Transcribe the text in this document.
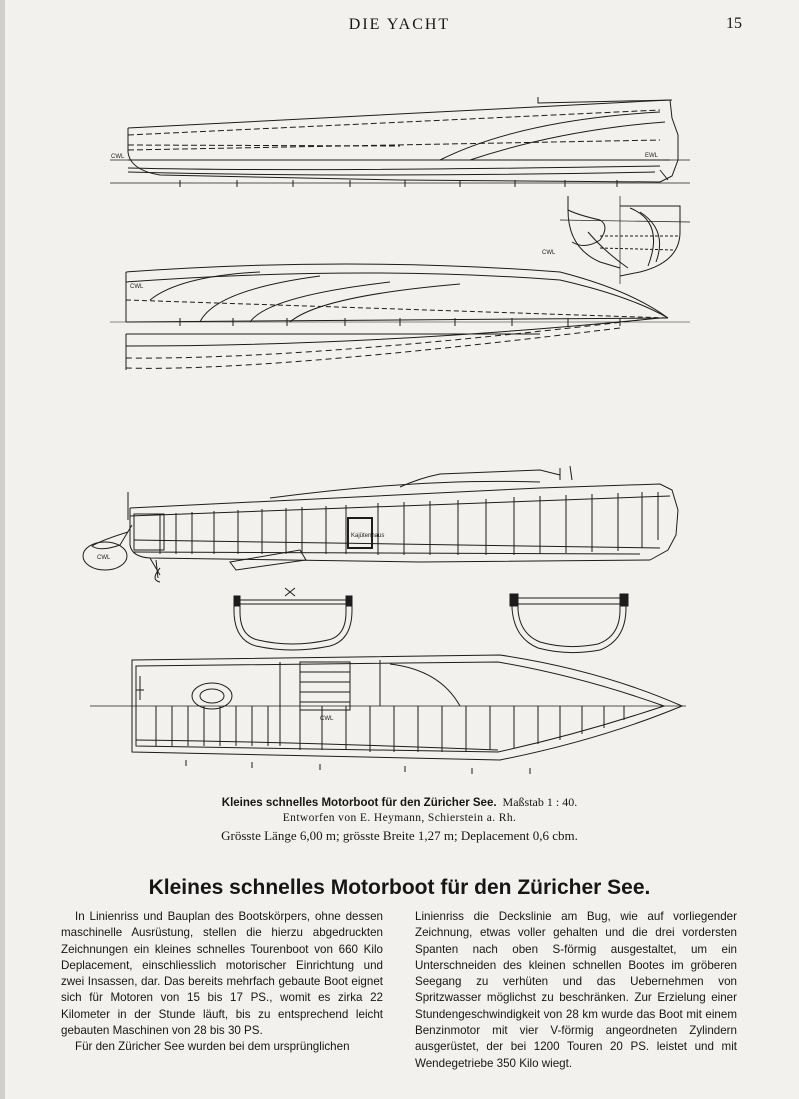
DIE YACHT	15
CWL	EWL
CWL
CWL
Kajütenhaus
CWL
CWL
Kleines schnelles Motorboot für den Züricher See. Maßstab 1 : 40.
Entworfen von E. Heymann, Schierstein a. Rh.
Grösste Länge 6,00 m; grösste Breite 1,27 m; Deplacement 0,6 cbm.
Kleines schnelles Motorboot für den Züricher See.

In Linienriss und Bauplan des Bootskörpers, ohne dessen maschinelle Ausrüstung, stellen die hierzu abgedruckten Zeichnungen ein kleines schnelles Tourenboot von 660 Kilo Deplacement, einschliesslich motorischer Einrichtung und zwei Insassen, dar. Das bereits mehrfach gebaute Boot eignet sich für Motoren von 15 bis 17 PS., womit es zirka 22 Kilometer in der Stunde läuft, bis zu entsprechend leicht gebauten Maschinen von 28 bis 30 PS.

Für den Züricher See wurden bei dem ursprünglichen

Linienriss die Deckslinie am Bug, wie auf vorliegender Zeichnung, etwas voller gehalten und die drei vordersten Spanten nach oben S-förmig ausgestaltet, um ein Unterschneiden des kleinen schnellen Bootes im gröberen Seegang zu verhüten und das Uebernehmen von Spritzwasser möglichst zu beschränken. Zur Erzielung einer Stundengeschwindigkeit von 28 km wurde das Boot mit einem Benzinmotor mit vier V-förmig angeordneten Zylindern ausgerüstet, der bei 1200 Touren 20 PS. leistet und mit Wendegetriebe 350 Kilo wiegt.
